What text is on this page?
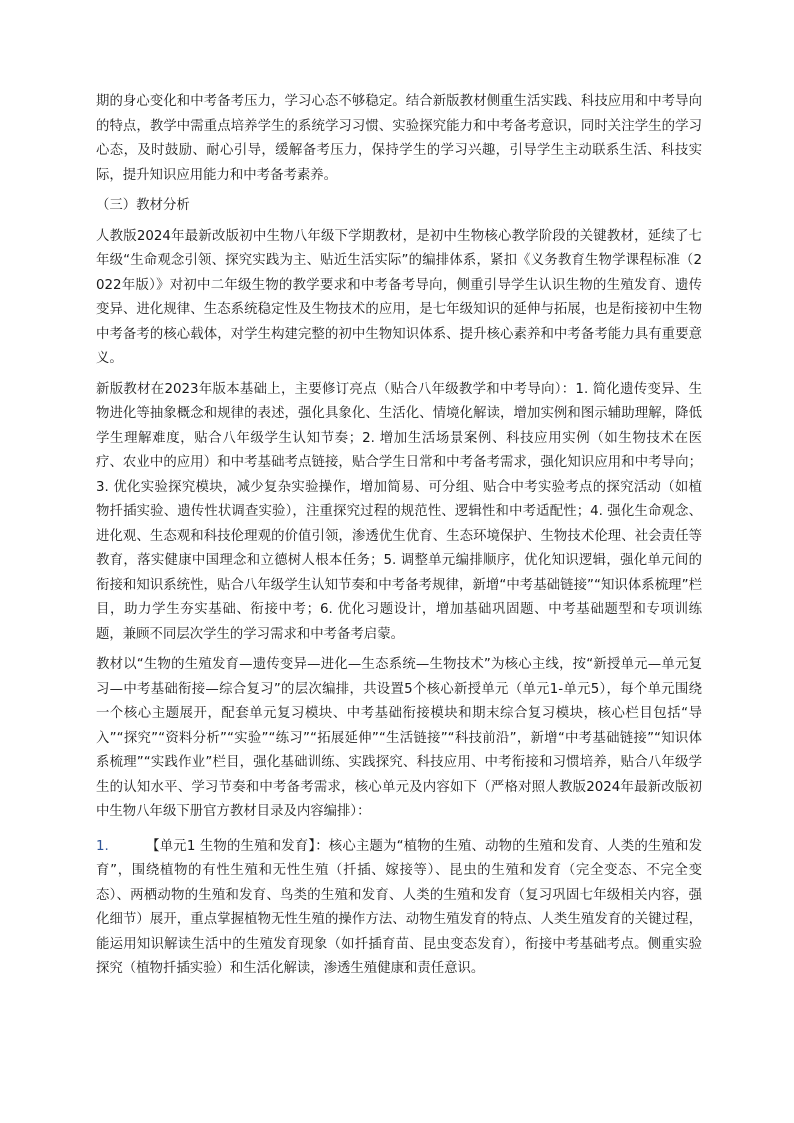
期的身心变化和中考备考压力，学习心态不够稳定。结合新版教材侧重生活实践、科技应用和中考导向的特点，教学中需重点培养学生的系统学习习惯、实验探究能力和中考备考意识，同时关注学生的学习心态，及时鼓励、耐心引导，缓解备考压力，保持学生的学习兴趣，引导学生主动联系生活、科技实际，提升知识应用能力和中考备考素养。

（三）教材分析

人教版2024年最新改版初中生物八年级下学期教材，是初中生物核心教学阶段的关键教材，延续了七年级“生命观念引领、探究实践为主、贴近生活实际”的编排体系，紧扣《义务教育生物学课程标准（2022年版）》对初中二年级生物的教学要求和中考备考导向，侧重引导学生认识生物的生殖发育、遗传变异、进化规律、生态系统稳定性及生物技术的应用，是七年级知识的延伸与拓展，也是衔接初中生物中考备考的核心载体，对学生构建完整的初中生物知识体系、提升核心素养和中考备考能力具有重要意义。

新版教材在2023年版本基础上，主要修订亮点（贴合八年级教学和中考导向）：1. 简化遗传变异、生物进化等抽象概念和规律的表述，强化具象化、生活化、情境化解读，增加实例和图示辅助理解，降低学生理解难度，贴合八年级学生认知节奏；2. 增加生活场景案例、科技应用实例（如生物技术在医疗、农业中的应用）和中考基础考点链接，贴合学生日常和中考备考需求，强化知识应用和中考导向；3. 优化实验探究模块，减少复杂实验操作，增加简易、可分组、贴合中考实验考点的探究活动（如植物扦插实验、遗传性状调查实验），注重探究过程的规范性、逻辑性和中考适配性；4. 强化生命观念、进化观、生态观和科技伦理观的价值引领，渗透优生优育、生态环境保护、生物技术伦理、社会责任等教育，落实健康中国理念和立德树人根本任务；5. 调整单元编排顺序，优化知识逻辑，强化单元间的衔接和知识系统性，贴合八年级学生认知节奏和中考备考规律，新增“中考基础链接”“知识体系梳理”栏目，助力学生夯实基础、衔接中考；6. 优化习题设计，增加基础巩固题、中考基础题型和专项训练题，兼顾不同层次学生的学习需求和中考备考启蒙。

教材以“生物的生殖发育—遗传变异—进化—生态系统—生物技术”为核心主线，按“新授单元—单元复习—中考基础衔接—综合复习”的层次编排，共设置5个核心新授单元（单元1-单元5），每个单元围绕一个核心主题展开，配套单元复习模块、中考基础衔接模块和期末综合复习模块，核心栏目包括“导入”“探究”“资料分析”“实验”“练习”“拓展延伸”“生活链接”“科技前沿”，新增“中考基础链接”“知识体系梳理”“实践作业”栏目，强化基础训练、实践探究、科技应用、中考衔接和习惯培养，贴合八年级学生的认知水平、学习节奏和中考备考需求，核心单元及内容如下（严格对照人教版2024年最新改版初中生物八年级下册官方教材目录及内容编排）：

1.	【单元1 生物的生殖和发育】：核心主题为“植物的生殖、动物的生殖和发育、人类的生殖和发育”，围绕植物的有性生殖和无性生殖（扦插、嫁接等）、昆虫的生殖和发育（完全变态、不完全变态）、两栖动物的生殖和发育、鸟类的生殖和发育、人类的生殖和发育（复习巩固七年级相关内容，强化细节）展开，重点掌握植物无性生殖的操作方法、动物生殖发育的特点、人类生殖发育的关键过程，能运用知识解读生活中的生殖发育现象（如扦插育苗、昆虫变态发育），衔接中考基础考点。侧重实验探究（植物扦插实验）和生活化解读，渗透生殖健康和责任意识。
